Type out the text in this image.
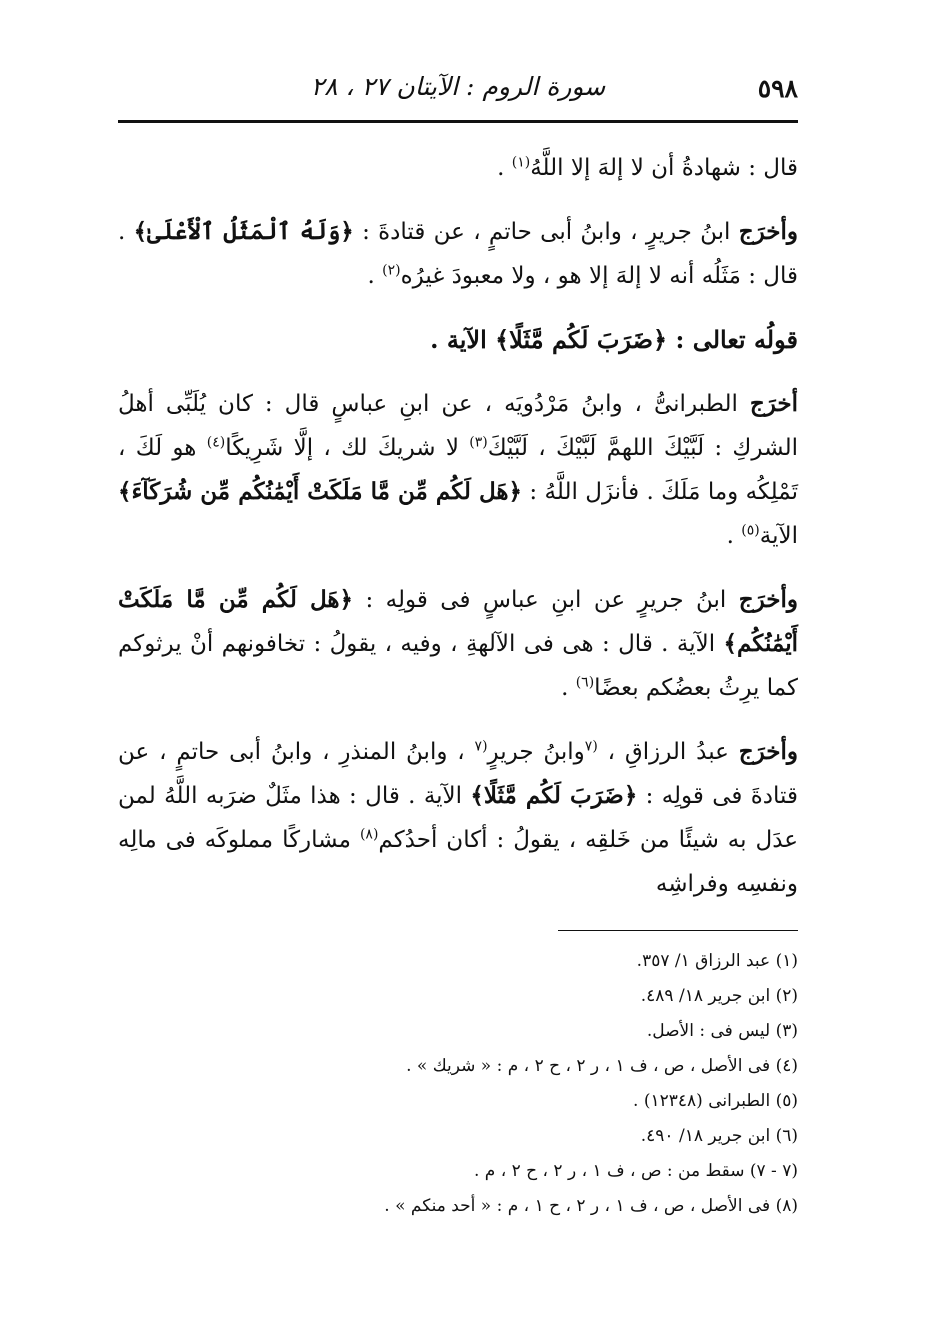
٥٩٨
سورة الروم : الآيتان ٢٧ ، ٢٨

قال : شهادةُ أن لا إلهَ إلا اللَّهُ$^{(١)}$ .

وأخرَج ابنُ جريرٍ ، وابنُ أبى حاتمٍ ، عن قتادةَ : ﴿وَلَهُ ٱلْمَثَلُ ٱلْأَعْلَىٰ﴾ . قال : مَثَلُه أنه لا إلهَ إلا هو ، ولا معبودَ غيرُه$^{(٢)}$ .

قولُه تعالى : ﴿ضَرَبَ لَكُم مَّثَلًا﴾ الآية .

أخرَج الطبرانىُّ ، وابنُ مَرْدُويَه ، عن ابنِ عباسٍ قال : كان يُلَبِّى أهلُ الشركِ : لَبَّيْكَ اللهمَّ لَبَّيْكَ ، لَبَّيْكَ$^{(٣)}$ لا شريكَ لك ، إلَّا شَرِيكًا$^{(٤)}$ هو لَكَ ، تَمْلِكُه وما مَلَكَ . فأنزَل اللَّهُ : ﴿هَل لَكُم مِّن مَّا مَلَكَتْ أَيْمَٰنُكُم مِّن شُرَكَآءَ﴾ الآية$^{(٥)}$ .

وأخرَج ابنُ جريرٍ عن ابنِ عباسٍ فى قولِه : ﴿هَل لَكُم مِّن مَّا مَلَكَتْ أَيْمَٰنُكُم﴾ الآية . قال : هى فى الآلهةِ ، وفيه ، يقولُ : تخافونهم أنْ يرثوكم كما يرِثُ بعضُكم بعضًا$^{(٦)}$ .

وأخرَج عبدُ الرزاقِ ، $^{(٧}$وابنُ جريرٍ$^{(٧}$ ، وابنُ المنذرِ ، وابنُ أبى حاتمٍ ، عن قتادةَ فى قولِه : ﴿ضَرَبَ لَكُم مَّثَلًا﴾ الآية . قال : هذا مثَلٌ ضرَبه اللَّهُ لمن عدَل به شيئًا من خَلقِه ، يقولُ : أكان أحدُكم$^{(٨)}$ مشاركًا مملوكَه فى مالِه ونفسِه وفراشِه

(١) عبد الرزاق ١/ ٣٥٧.
(٢) ابن جرير ١٨/ ٤٨٩.
(٣) ليس فى : الأصل.
(٤) فى الأصل ، ص ، ف ١ ، ر ٢ ، ح ٢ ، م : « شريك » .
(٥) الطبرانى (١٢٣٤٨) .
(٦) ابن جرير ١٨/ ٤٩٠.
(٧ - ٧) سقط من : ص ، ف ١ ، ر ٢ ، ح ٢ ، م .
(٨) فى الأصل ، ص ، ف ١ ، ر ٢ ، ح ١ ، م : « أحد منكم » .
